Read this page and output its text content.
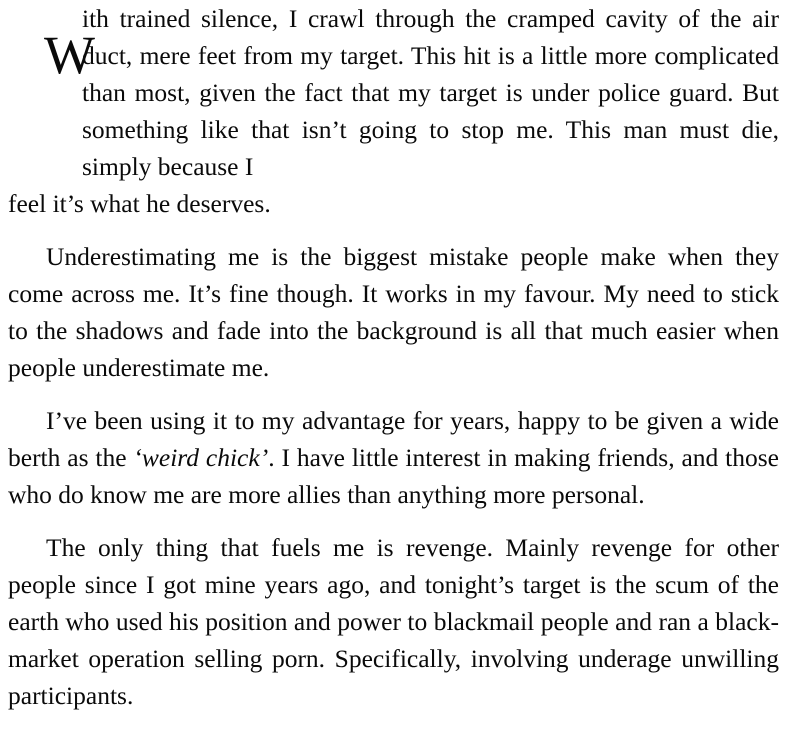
W

ith trained silence, I crawl through the cramped cavity of the air duct, mere feet from my target. This hit is a little more complicated than most, given the fact that my target is under police guard. But something like that isn’t going to stop me. This man must die, simply because I

feel it’s what he deserves.

Underestimating me is the biggest mistake people make when they come across me. It’s fine though. It works in my favour. My need to stick to the shadows and fade into the background is all that much easier when people underestimate me.

I’ve been using it to my advantage for years, happy to be given a wide berth as the ‘weird chick’. I have little interest in making friends, and those who do know me are more allies than anything more personal.

The only thing that fuels me is revenge. Mainly revenge for other people since I got mine years ago, and tonight’s target is the scum of the earth who used his position and power to blackmail people and ran a black-market operation selling porn. Specifically, involving underage unwilling participants.
